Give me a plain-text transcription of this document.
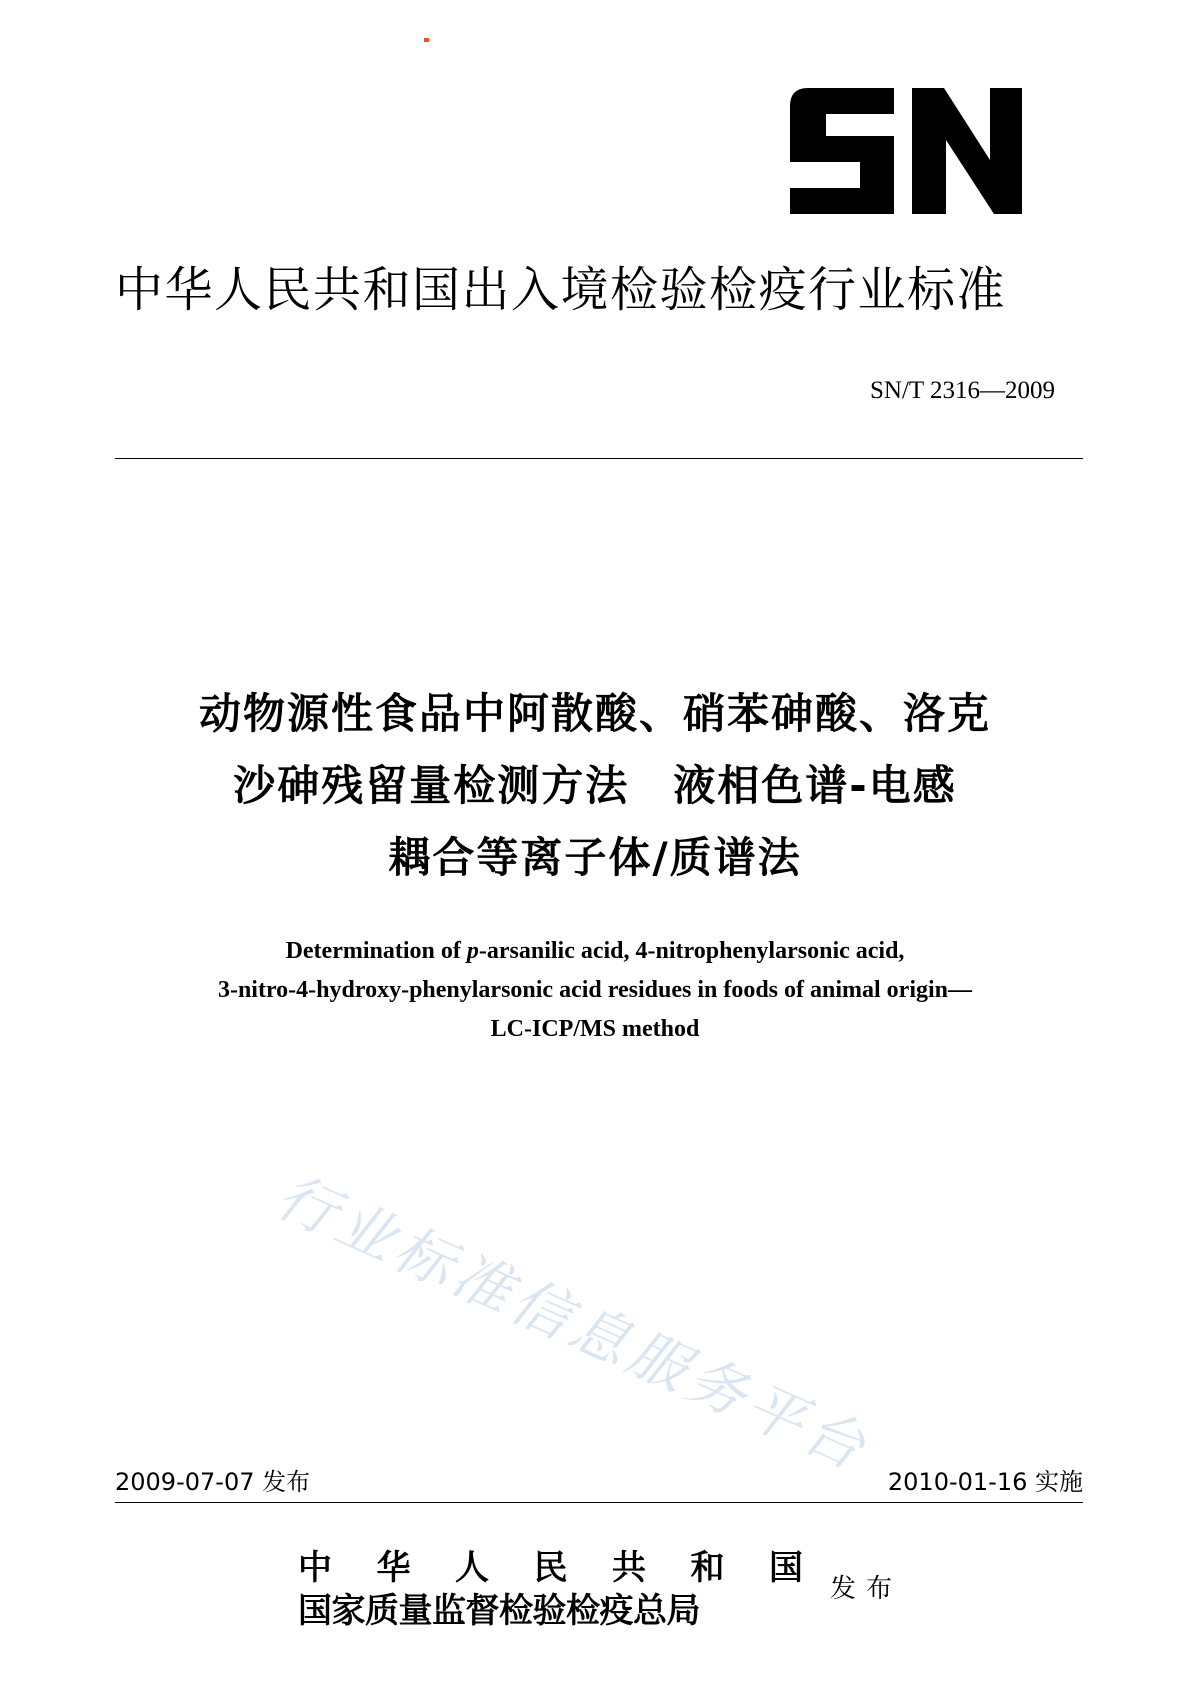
中华人民共和国出入境检验检疫行业标准
SN/T 2316—2009
动物源性食品中阿散酸、硝苯砷酸、洛克
沙砷残留量检测方法　液相色谱-电感
耦合等离子体/质谱法
Determination of p-arsanilic acid, 4-nitrophenylarsonic acid,
3-nitro-4-hydroxy-phenylarsonic acid residues in foods of animal origin—
LC-ICP/MS method
行业标准信息服务平台
2009-07-07 发布	2010-01-16 实施
中 华 人 民 共 和 国
国家质量监督检验检疫总局
发布
